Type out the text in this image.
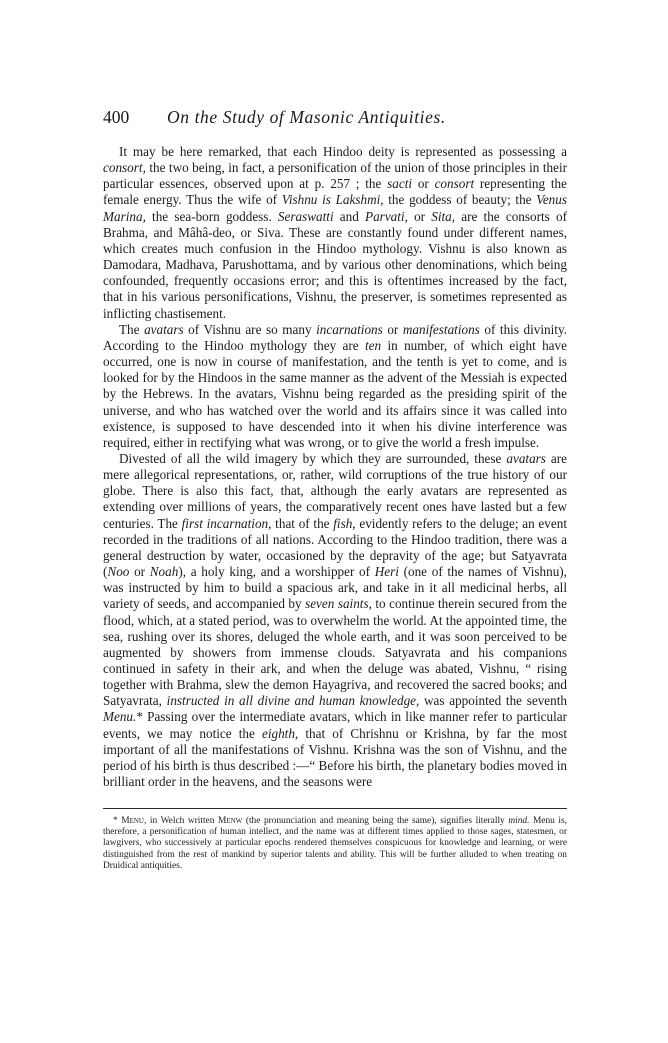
400 On the Study of Masonic Antiquities.

It may be here remarked, that each Hindoo deity is represented as possessing a consort, the two being, in fact, a personification of the union of those principles in their particular essences, observed upon at p. 257 ; the sacti or consort representing the female energy. Thus the wife of Vishnu is Lakshmi, the goddess of beauty; the Venus Marina, the sea-born goddess. Seraswatti and Parvati, or Sita, are the consorts of Brahma, and Mâhâ-deo, or Siva. These are constantly found under different names, which creates much confusion in the Hindoo mythology. Vishnu is also known as Damodara, Madhava, Parushottama, and by various other denominations, which being confounded, frequently occasions error; and this is oftentimes increased by the fact, that in his various personifications, Vishnu, the preserver, is sometimes represented as inflicting chastisement.

The avatars of Vishnu are so many incarnations or manifestations of this divinity. According to the Hindoo mythology they are ten in number, of which eight have occurred, one is now in course of manifestation, and the tenth is yet to come, and is looked for by the Hindoos in the same manner as the advent of the Messiah is expected by the Hebrews. In the avatars, Vishnu being regarded as the presiding spirit of the universe, and who has watched over the world and its affairs since it was called into existence, is supposed to have descended into it when his divine interference was required, either in rectifying what was wrong, or to give the world a fresh impulse.

Divested of all the wild imagery by which they are surrounded, these avatars are mere allegorical representations, or, rather, wild corruptions of the true history of our globe. There is also this fact, that, although the early avatars are represented as extending over millions of years, the comparatively recent ones have lasted but a few centuries. The first incarnation, that of the fish, evidently refers to the deluge; an event recorded in the traditions of all nations. According to the Hindoo tradition, there was a general destruction by water, occasioned by the depravity of the age; but Satyavrata (Noo or Noah), a holy king, and a worshipper of Heri (one of the names of Vishnu), was instructed by him to build a spacious ark, and take in it all medicinal herbs, all variety of seeds, and accompanied by seven saints, to continue therein secured from the flood, which, at a stated period, was to overwhelm the world. At the appointed time, the sea, rushing over its shores, deluged the whole earth, and it was soon perceived to be augmented by showers from immense clouds. Satyavrata and his companions continued in safety in their ark, and when the deluge was abated, Vishnu, “ rising together with Brahma, slew the demon Hayagriva, and recovered the sacred books; and Satyavrata, instructed in all divine and human knowledge, was appointed the seventh Menu.* Passing over the intermediate avatars, which in like manner refer to particular events, we may notice the eighth, that of Chrishnu or Krishna, by far the most important of all the manifestations of Vishnu. Krishna was the son of Vishnu, and the period of his birth is thus described :—“ Before his birth, the planetary bodies moved in brilliant order in the heavens, and the seasons were

* Menu, in Welch written Menw (the pronunciation and meaning being the same), signifies literally mind. Menu is, therefore, a personification of human intellect, and the name was at different times applied to those sages, statesmen, or lawgivers, who successively at particular epochs rendered themselves conspicuous for knowledge and learning, or were distinguished from the rest of mankind by superior talents and ability. This will be further alluded to when treating on Druidical antiquities.
